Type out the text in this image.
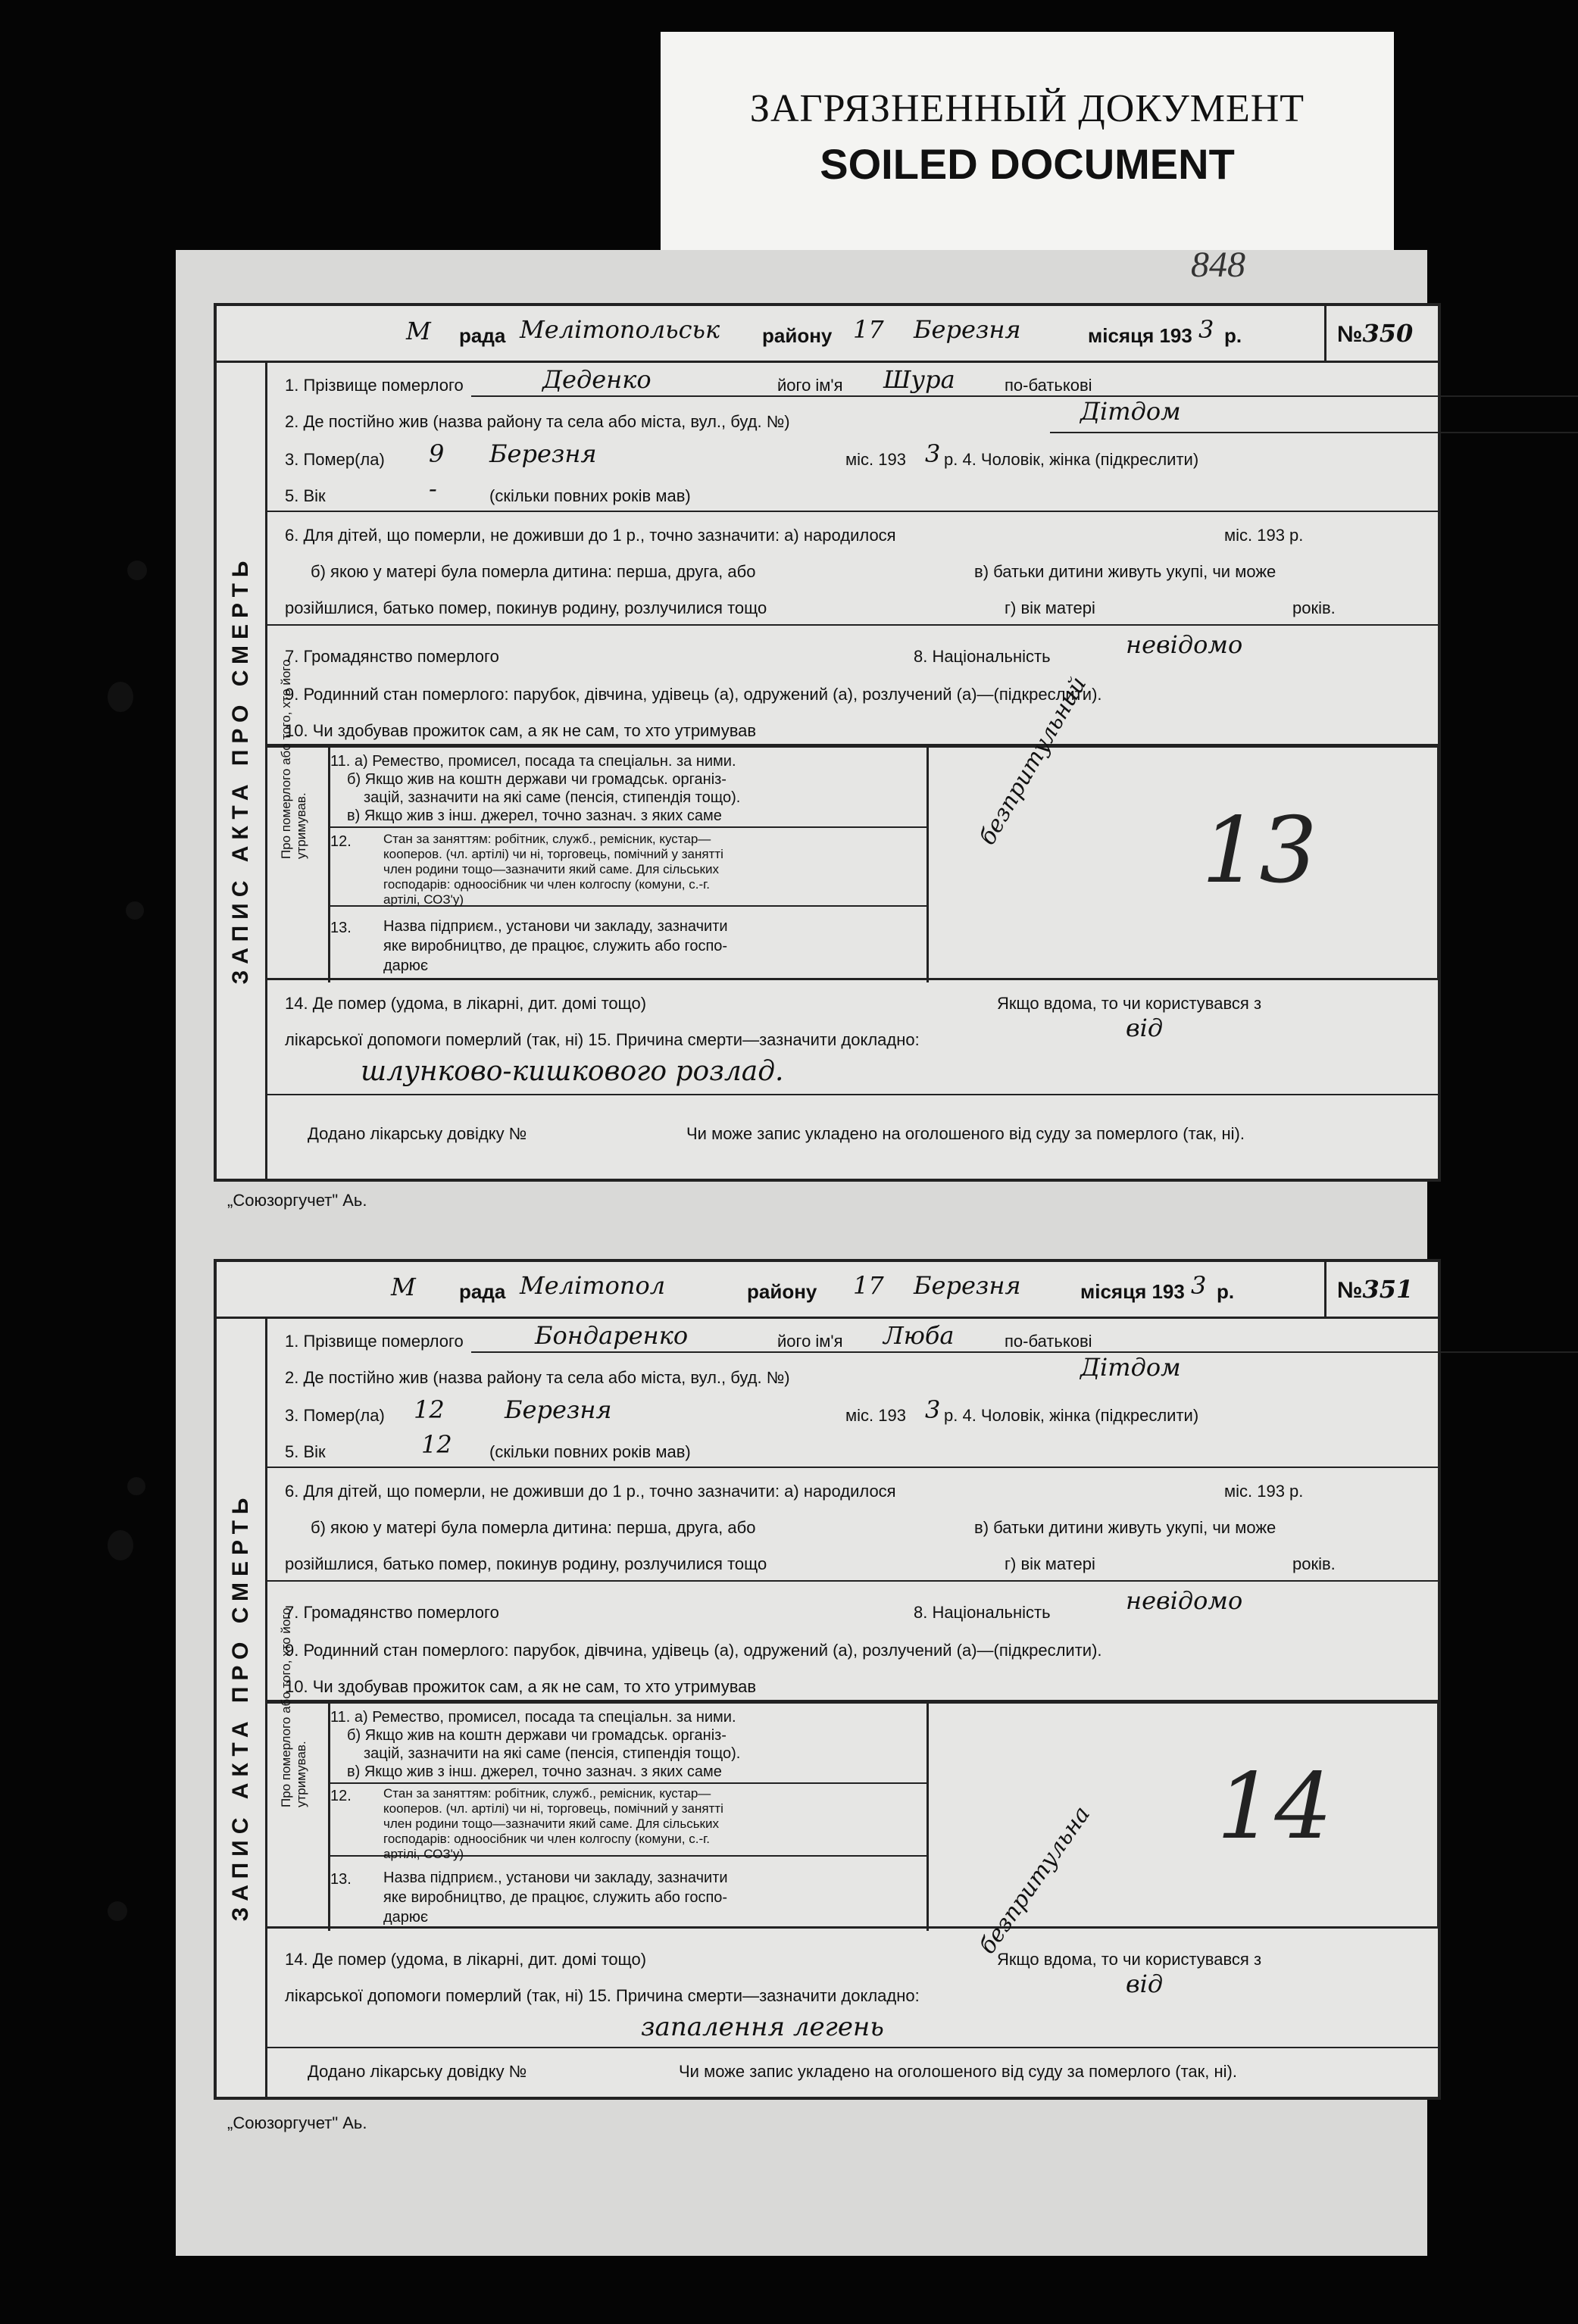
ЗАГРЯЗНЕННЫЙ ДОКУМЕНТ
SOILED DOCUMENT
848
М рада Мелітопольськ району 17 Березня	місяця 193 3 р.	№350
ЗАПИС АКТА ПРО СМЕРТЬ
1. Прізвище померлого	Деденко	його ім'я Шура	по-батькові
2. Де постійно жив (назва району та села або міста, вул., буд. №)	Дітдом
3. Помер(ла) 9 Березня	міс. 193 3 р. 4. Чоловік, жінка (підкреслити)
5. Вік	-	(скільки повних років мав)
6. Для дітей, що померли, не доживши до 1 р., точно зазначити: а) народилося	міс. 193 р.
б) якою у матері була померла дитина: перша, друга, або	в) батьки дитини живуть укупі, чи може
розійшлися, батько помер, покинув родину, розлучилися тощо	г) вік матері	років.
7. Громадянство померлого	8. Національність	невідомо
9. Родинний стан померлого: парубок, дівчина, удівець (а), одружений (а), розлучений (а)—(підкреслити).
10. Чи здобував прожиток сам, а як не сам, то хто утримував
Про померлого або того, хто його утримував.
11. а) Ремество, промисел, посада та спеціальн. за ними.
б) Якщо жив на коштн держави чи громадськ. організ-
зацій, зазначити на які саме (пенсія, стипендія тощо).
в) Якщо жив з інш. джерел, точно зазнач. з яких саме
12. Стан за заняттям: робітник, служб., ремісник, кустар—
кооперов. (чл. артілі) чи ні, торговець, помічний у занятті
член родини тощо—зазначити який саме. Для сільських
господарів: одноосібник чи член колгоспу (комуни, с.-г.
артілі, СОЗ'у)
13. Назва підприєм., установи чи закладу, зазначити
яке виробництво, де працює, служить або госпо-
дарює
безпритульний
13
14. Де помер (удома, в лікарні, дит. домі тощо)	Якщо вдома, то чи користувався з
лікарської допомоги померлий (так, ні) 15. Причина смерти—зазначити докладно:	від
шлунково-кишкового розлад.
Додано лікарську довідку №	Чи може запис укладено на оголошеного від суду за померлого (так, ні).
„Союзоргучет" Аь.
М рада Мелітопол	району 17 Березня	місяця 193 3 р.	№351
ЗАПИС АКТА ПРО СМЕРТЬ
1. Прізвище померлого	Бондаренко	його ім'я Люба	по-батькові
2. Де постійно жив (назва району та села або міста, вул., буд. №)	Дітдом
3. Помер(ла) 12 Березня	міс. 193 3 р. 4. Чоловік, жінка (підкреслити)
5. Вік	12 (скільки повних років мав)
6. Для дітей, що померли, не доживши до 1 р., точно зазначити: а) народилося	міс. 193 р.
б) якою у матері була померла дитина: перша, друга, або	в) батьки дитини живуть укупі, чи може
розійшлися, батько помер, покинув родину, розлучилися тощо	г) вік матері	років.
7. Громадянство померлого	8. Національність	невідомо
9. Родинний стан померлого: парубок, дівчина, удівець (а), одружений (а), розлучений (а)—(підкреслити).
10. Чи здобував прожиток сам, а як не сам, то хто утримував
Про померлого або того, хто його утримував.
11. а) Ремество, промисел, посада та спеціальн. за ними.
б) Якщо жив на коштн держави чи громадськ. організ-
зацій, зазначити на які саме (пенсія, стипендія тощо).
в) Якщо жив з інш. джерел, точно зазнач. з яких саме
12. Стан за заняттям: робітник, служб., ремісник, кустар—
кооперов. (чл. артілі) чи ні, торговець, помічний у занятті
член родини тощо—зазначити який саме. Для сільських
господарів: одноосібник чи член колгоспу (комуни, с.-г.
артілі, СОЗ'у)
13. Назва підприєм., установи чи закладу, зазначити
яке виробництво, де працює, служить або госпо-
дарює	безпритульна 14
14. Де помер (удома, в лікарні, дит. домі тощо)	Якщо вдома, то чи користувався з
лікарської допомоги померлий (так, ні) 15. Причина смерти—зазначити докладно:	від
запалення легень
Додано лікарську довідку №	Чи може запис укладено на оголошеного від суду за померлого (так, ні).
„Союзоргучет" Аь.
